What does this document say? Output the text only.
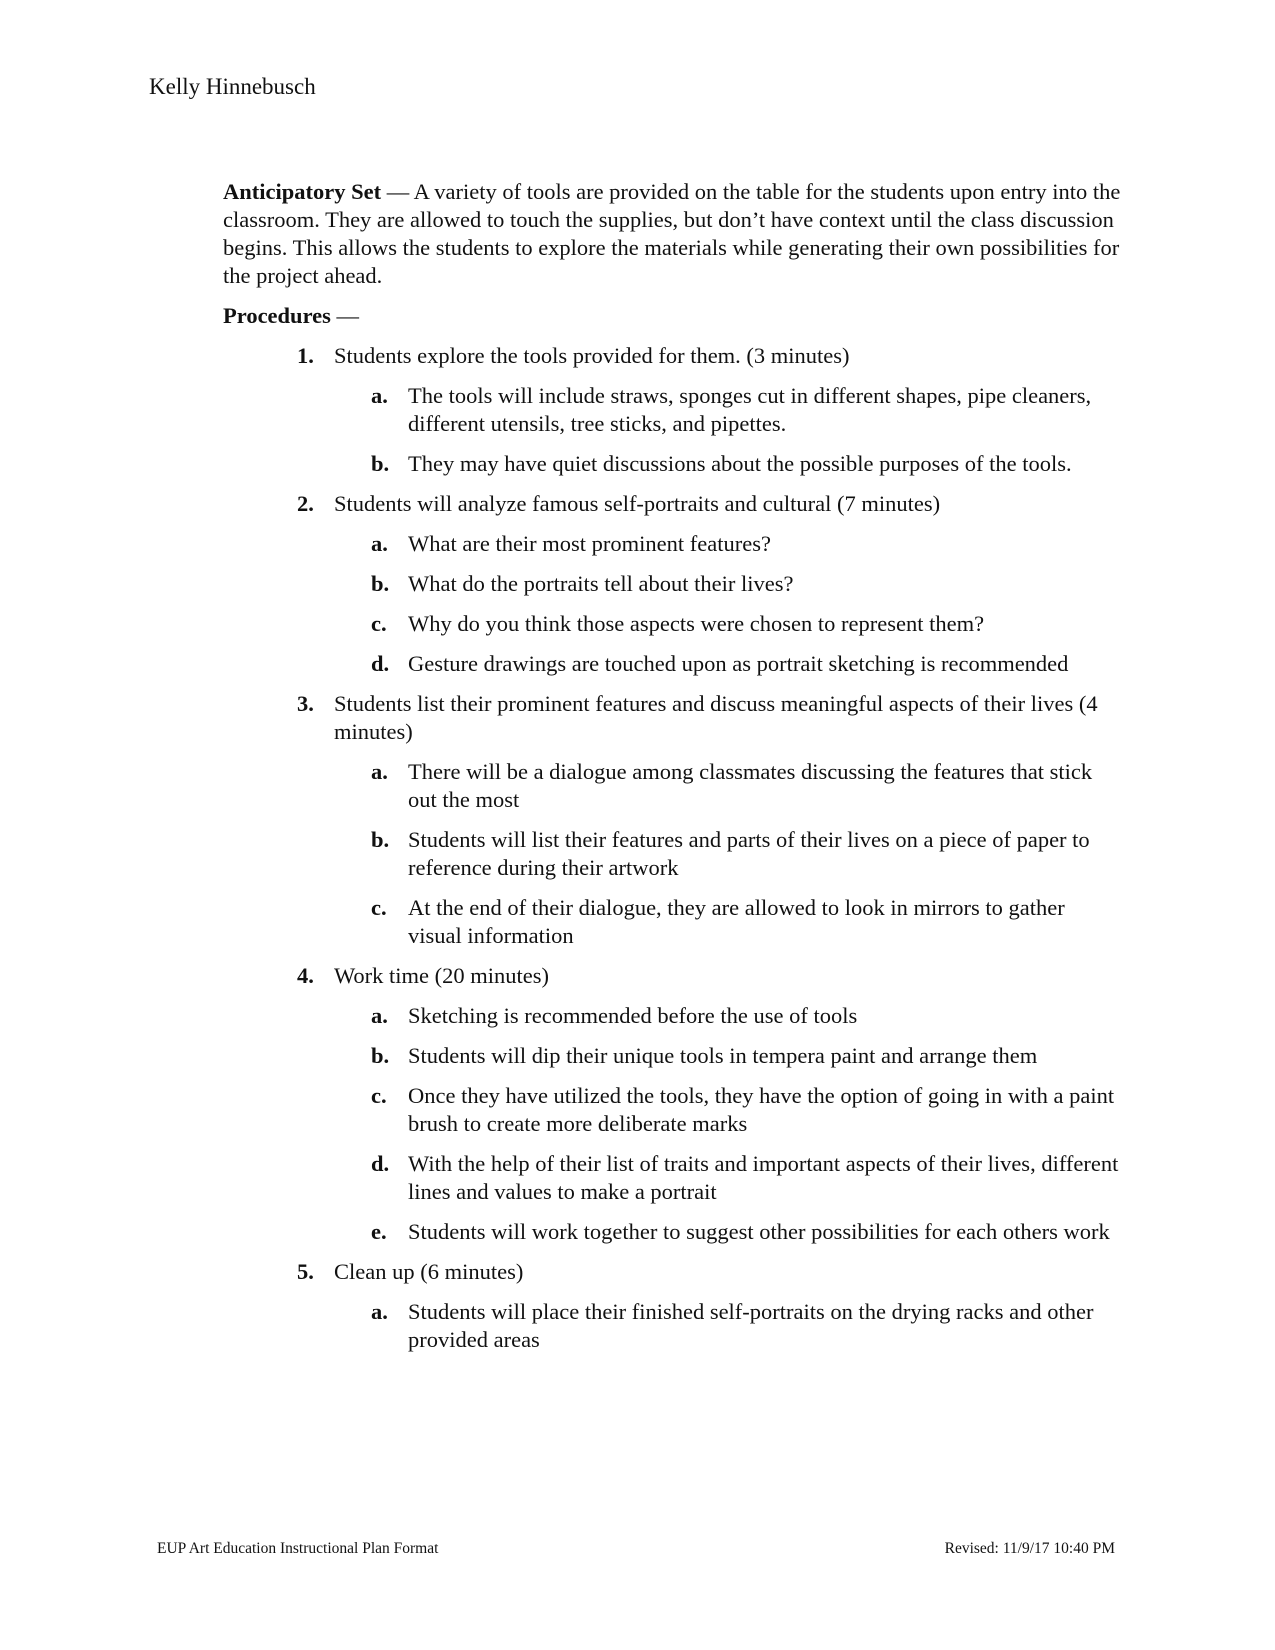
Kelly Hinnebusch

Anticipatory Set — A variety of tools are provided on the table for the students upon entry into the classroom. They are allowed to touch the supplies, but don’t have context until the class discussion begins. This allows the students to explore the materials while generating their own possibilities for the project ahead.

Procedures —

1. Students explore the tools provided for them. (3 minutes)
a. The tools will include straws, sponges cut in different shapes, pipe cleaners, different utensils, tree sticks, and pipettes.
b. They may have quiet discussions about the possible purposes of the tools.
2. Students will analyze famous self-portraits and cultural (7 minutes)
a. What are their most prominent features?
b. What do the portraits tell about their lives?
c. Why do you think those aspects were chosen to represent them?
d. Gesture drawings are touched upon as portrait sketching is recommended
3. Students list their prominent features and discuss meaningful aspects of their lives (4 minutes)
a. There will be a dialogue among classmates discussing the features that stick out the most
b. Students will list their features and parts of their lives on a piece of paper to reference during their artwork
c. At the end of their dialogue, they are allowed to look in mirrors to gather visual information
4. Work time (20 minutes)
a. Sketching is recommended before the use of tools
b. Students will dip their unique tools in tempera paint and arrange them
c. Once they have utilized the tools, they have the option of going in with a paint brush to create more deliberate marks
d. With the help of their list of traits and important aspects of their lives, different lines and values to make a portrait
e. Students will work together to suggest other possibilities for each others work
5. Clean up (6 minutes)
a. Students will place their finished self-portraits on the drying racks and other provided areas
EUP Art Education Instructional Plan Format	Revised: 11/9/17 10:40 PM
